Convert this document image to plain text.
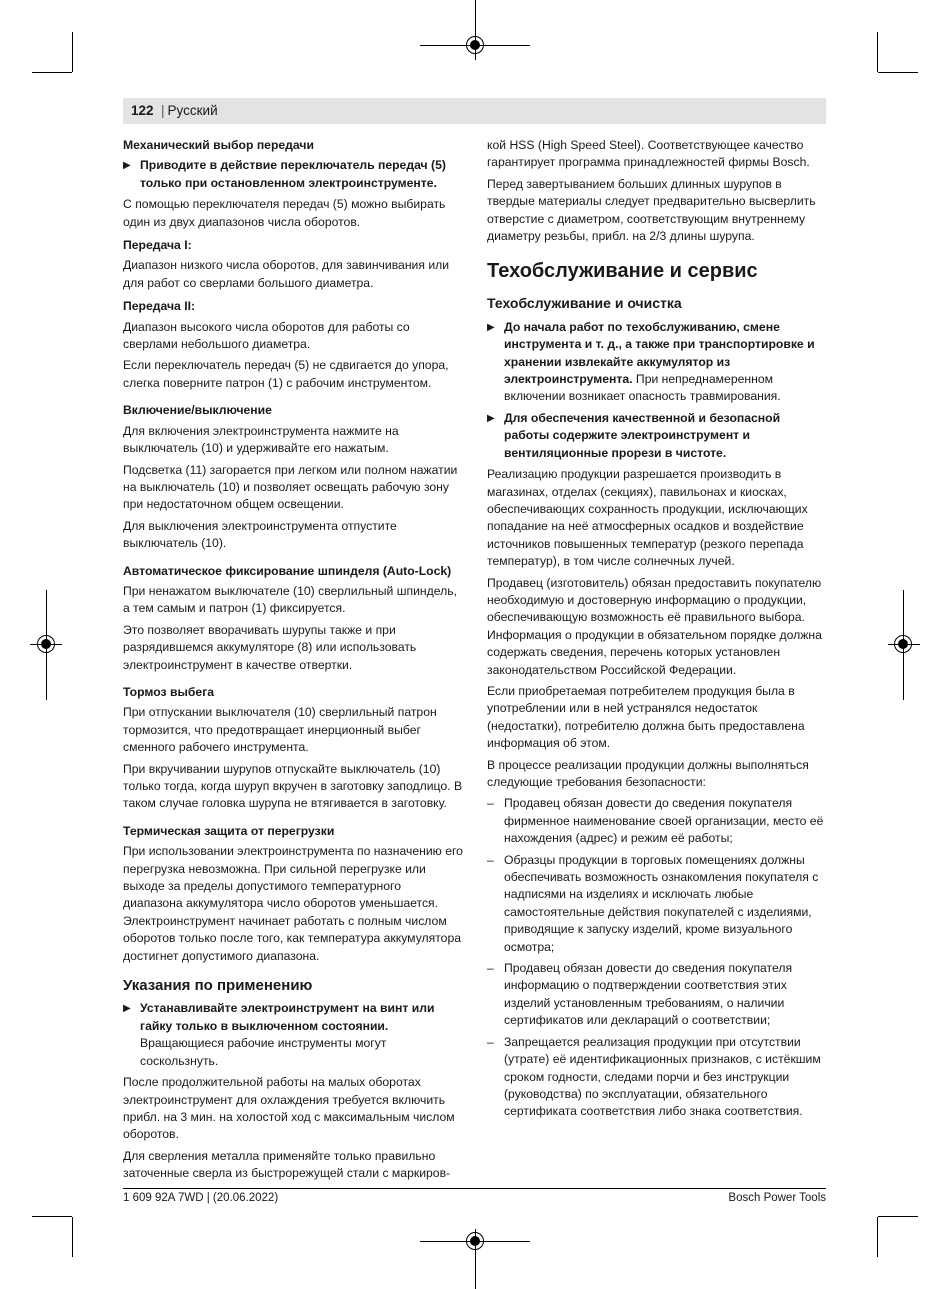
122
|	Русский
Механический выбор передачи
▶ Приводите в действие переключатель передач (5) только при остановленном электроинструменте.

С помощью переключателя передач (5) можно выбирать один из двух диапазонов числа оборотов.

Передача I:

Диапазон низкого числа оборотов, для завинчивания или для работ со сверлами большого диаметра.

Передача II:

Диапазон высокого числа оборотов для работы со сверлами небольшого диаметра.

Если переключатель передач (5) не сдвигается до упора, слегка поверните патрон (1) с рабочим инструментом.

Включение/выключение

Для включения электроинструмента нажмите на выключатель (10) и удерживайте его нажатым.

Подсветка (11) загорается при легком или полном нажатии на выключатель (10) и позволяет освещать рабочую зону при недостаточном общем освещении.

Для выключения электроинструмента отпустите выключатель (10).

Автоматическое фиксирование шпинделя (Auto-Lock)

При ненажатом выключателе (10) сверлильный шпиндель, а тем самым и патрон (1) фиксируется.

Это позволяет вворачивать шурупы также и при разрядившемся аккумуляторе (8) или использовать электроинструмент в качестве отвертки.

Тормоз выбега

При отпускании выключателя (10) сверлильный патрон тормозится, что предотвращает инерционный выбег сменного рабочего инструмента.

При вкручивании шурупов отпускайте выключатель (10) только тогда, когда шуруп вкручен в заготовку заподлицо. В таком случае головка шурупа не втягивается в заготовку.

Термическая защита от перегрузки

При использовании электроинструмента по назначению его перегрузка невозможна. При сильной перегрузке или выходе за пределы допустимого температурного диапазона аккумулятора число оборотов уменьшается. Электроинструмент начинает работать с полным числом оборотов только после того, как температура аккумулятора достигнет допустимого диапазона.

Указания по применению
▶ Устанавливайте электроинструмент на винт или гайку только в выключенном состоянии. Вращающиеся рабочие инструменты могут соскользнуть.

После продолжительной работы на малых оборотах электроинструмент для охлаждения требуется включить прибл. на 3 мин. на холостой ход с максимальным числом оборотов.

Для сверления металла применяйте только правильно заточенные сверла из быстрорежущей стали с маркиров-

кой HSS (High Speed Steel). Соответствующее качество гарантирует программа принадлежностей фирмы Bosch.

Перед завертыванием больших длинных шурупов в твердые материалы следует предварительно высверлить отверстие с диаметром, соответствующим внутреннему диаметру резьбы, прибл. на 2/3 длины шурупа.

Техобслуживание и сервис
Техобслуживание и очистка
▶ До начала работ по техобслуживанию, смене инструмента и т. д., а также при транспортировке и хранении извлекайте аккумулятор из электроинструмента. При непреднамеренном включении возникает опасность травмирования.
▶ Для обеспечения качественной и безопасной работы содержите электроинструмент и вентиляционные прорези в чистоте.

Реализацию продукции разрешается производить в магазинах, отделах (секциях), павильонах и киосках, обеспечивающих сохранность продукции, исключающих попадание на неё атмосферных осадков и воздействие источников повышенных температур (резкого перепада температур), в том числе солнечных лучей.

Продавец (изготовитель) обязан предоставить покупателю необходимую и достоверную информацию о продукции, обеспечивающую возможность её правильного выбора. Информация о продукции в обязательном порядке должна содержать сведения, перечень которых установлен законодательством Российской Федерации.

Если приобретаемая потребителем продукция была в употреблении или в ней устранялся недостаток (недостатки), потребителю должна быть предоставлена информация об этом.

В процессе реализации продукции должны выполняться следующие требования безопасности:

– Продавец обязан довести до сведения покупателя фирменное наименование своей организации, место её нахождения (адрес) и режим её работы;
– Образцы продукции в торговых помещениях должны обеспечивать возможность ознакомления покупателя с надписями на изделиях и исключать любые самостоятельные действия покупателей с изделиями, приводящие к запуску изделий, кроме визуального осмотра;
– Продавец обязан довести до сведения покупателя информацию о подтверждении соответствия этих изделий установленным требованиям, о наличии сертификатов или деклараций о соответствии;
– Запрещается реализация продукции при отсутствии (утрате) её идентификационных признаков, с истёкшим сроком годности, следами порчи и без инструкции (руководства) по эксплуатации, обязательного сертификата соответствия либо знака соответствия.
1 609 92A 7WD | (20.06.2022)	Bosch Power Tools
